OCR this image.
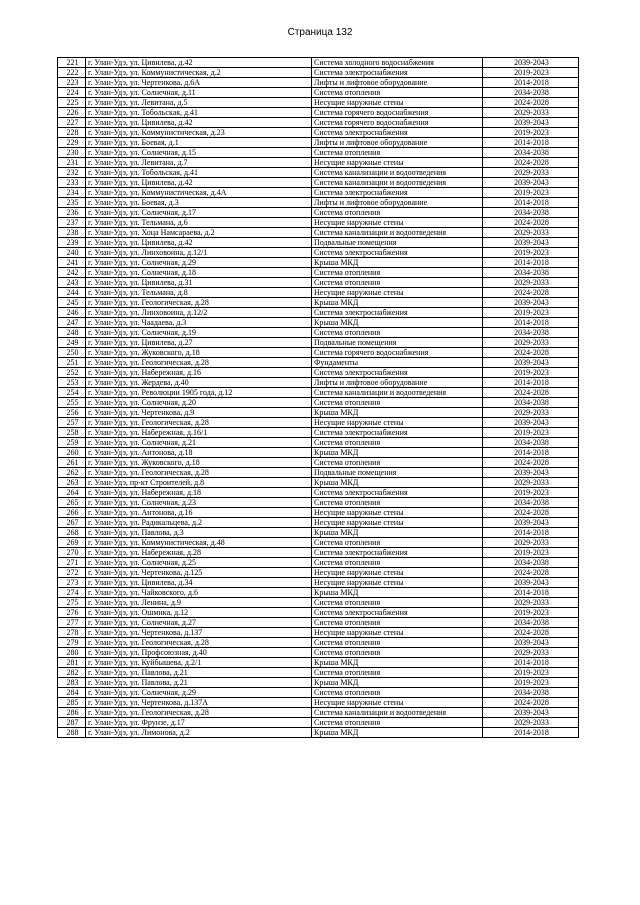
Страница 132
221	г. Улан-Удэ, ул. Цивилева, д.42	Система холодного водоснабжения	2039-2043
222	г. Улан-Удэ, ул. Коммунистическая, д.2	Система электроснабжения	2019-2023
223	г. Улан-Удэ, ул. Чертенкова, д.6А	Лифты и лифтовое оборудование	2014-2018
224	г. Улан-Удэ, ул. Солнечная, д.11	Система отопления	2034-2038
225	г. Улан-Удэ, ул. Левитана, д.5	Несущие наружные стены	2024-2028
226	г. Улан-Удэ, ул. Тобольская, д.41	Система горячего водоснабжения	2029-2033
227	г. Улан-Удэ, ул. Цивилева, д.42	Система горячего водоснабжения	2039-2043
228	г. Улан-Удэ, ул. Коммунистическая, д.23	Система электроснабжения	2019-2023
229	г. Улан-Удэ, ул. Боевая, д.1	Лифты и лифтовое оборудование	2014-2018
230	г. Улан-Удэ, ул. Солнечная, д.15	Система отопления	2034-2038
231	г. Улан-Удэ, ул. Левитана, д.7	Несущие наружные стены	2024-2028
232	г. Улан-Удэ, ул. Тобольская, д.41	Система канализации и водоотведения	2029-2033
233	г. Улан-Удэ, ул. Цивилева, д.42	Система канализации и водоотведения	2039-2043
234	г. Улан-Удэ, ул. Коммунистическая, д.4А	Система электроснабжения	2019-2023
235	г. Улан-Удэ, ул. Боевая, д.3	Лифты и лифтовое оборудование	2014-2018
236	г. Улан-Удэ, ул. Солнечная, д.17	Система отопления	2034-2038
237	г. Улан-Удэ, ул. Тельмана, д.6	Несущие наружные стены	2024-2028
238	г. Улан-Удэ, ул. Хоца Намсараева, д.2	Система канализации и водоотведения	2029-2033
239	г. Улан-Удэ, ул. Цивилева, д.42	Подвальные помещения	2039-2043
240	г. Улан-Удэ, ул. Линховоина, д.12/1	Система электроснабжения	2019-2023
241	г. Улан-Удэ, ул. Солнечная, д.29	Крыша МКД	2014-2018
242	г. Улан-Удэ, ул. Солнечная, д.18	Система отопления	2034-2038
243	г. Улан-Удэ, ул. Цивилева, д.31	Система отопления	2029-2033
244	г. Улан-Удэ, ул. Тельмана, д.8	Несущие наружные стены	2024-2028
245	г. Улан-Удэ, ул. Геологическая, д.28	Крыша МКД	2039-2043
246	г. Улан-Удэ, ул. Линховоина, д.12/2	Система электроснабжения	2019-2023
247	г. Улан-Удэ, ул. Чаадаева, д.3	Крыша МКД	2014-2018
248	г. Улан-Удэ, ул. Солнечная, д.19	Система отопления	2034-2038
249	г. Улан-Удэ, ул. Цивилева, д.27	Подвальные помещения	2029-2033
250	г. Улан-Удэ, ул. Жуковского, д.18	Система горячего водоснабжения	2024-2028
251	г. Улан-Удэ, ул. Геологическая, д.28	Фундаменты	2039-2043
252	г. Улан-Удэ, ул. Набережная, д.16	Система электроснабжения	2019-2023
253	г. Улан-Удэ, ул. Жердева, д.40	Лифты и лифтовое оборудование	2014-2018
254	г. Улан-Удэ, ул. Революции 1905 года, д.12	Система канализации и водоотведения	2024-2028
255	г. Улан-Удэ, ул. Солнечная, д.20	Система отопления	2034-2038
256	г. Улан-Удэ, ул. Чертенкова, д.9	Крыша МКД	2029-2033
257	г. Улан-Удэ, ул. Геологическая, д.28	Несущие наружные стены	2039-2043
258	г. Улан-Удэ, ул. Набережная, д.16/1	Система электроснабжения	2019-2023
259	г. Улан-Удэ, ул. Солнечная, д.21	Система отопления	2034-2038
260	г. Улан-Удэ, ул. Антонова, д.18	Крыша МКД	2014-2018
261	г. Улан-Удэ, ул. Жуковского, д.18	Система отопления	2024-2028
262	г. Улан-Удэ, ул. Геологическая, д.28	Подвальные помещения	2039-2043
263	г. Улан-Удэ, пр-кт Строителей, д.8	Крыша МКД	2029-2033
264	г. Улан-Удэ, ул. Набережная, д.18	Система электроснабжения	2019-2023
265	г. Улан-Удэ, ул. Солнечная, д.23	Система отопления	2034-2038
266	г. Улан-Удэ, ул. Антонова, д.16	Несущие наружные стены	2024-2028
267	г. Улан-Удэ, ул. Радикальцева, д.2	Несущие наружные стены	2039-2043
268	г. Улан-Удэ, ул. Павлова, д.3	Крыша МКД	2014-2018
269	г. Улан-Удэ, ул. Коммунистическая, д.48	Система отопления	2029-2033
270	г. Улан-Удэ, ул. Набережная, д.28	Система электроснабжения	2019-2023
271	г. Улан-Удэ, ул. Солнечная, д.25	Система отопления	2034-2038
272	г. Улан-Удэ, ул. Чертенкова, д.125	Несущие наружные стены	2024-2028
273	г. Улан-Удэ, ул. Цивилева, д.34	Несущие наружные стены	2039-2043
274	г. Улан-Удэ, ул. Чайковского, д.6	Крыша МКД	2014-2018
275	г. Улан-Удэ, ул. Ленина, д.9	Система отопления	2029-2033
276	г. Улан-Удэ, ул. Ошмика, д.12	Система электроснабжения	2019-2023
277	г. Улан-Удэ, ул. Солнечная, д.27	Система отопления	2034-2038
278	г. Улан-Удэ, ул. Чертенкова, д.137	Несущие наружные стены	2024-2028
279	г. Улан-Удэ, ул. Геологическая, д.28	Система отопления	2039-2043
280	г. Улан-Удэ, ул. Профсоюзная, д.40	Система отопления	2029-2033
281	г. Улан-Удэ, ул. Куйбышева, д.2/1	Крыша МКД	2014-2018
282	г. Улан-Удэ, ул. Павлова, д.21	Система отопления	2019-2023
283	г. Улан-Удэ, ул. Павлова, д.21	Крыша МКД	2019-2023
284	г. Улан-Удэ, ул. Солнечная, д.29	Система отопления	2034-2038
285	г. Улан-Удэ, ул. Чертенкова, д.137А	Несущие наружные стены	2024-2028
286	г. Улан-Удэ, ул. Геологическая, д.28	Система канализации и водоотведения	2039-2043
287	г. Улан-Удэ, ул. Фрунзе, д.17	Система отопления	2029-2033
288	г. Улан-Удэ, ул. Лимонова, д.2	Крыша МКД	2014-2018
